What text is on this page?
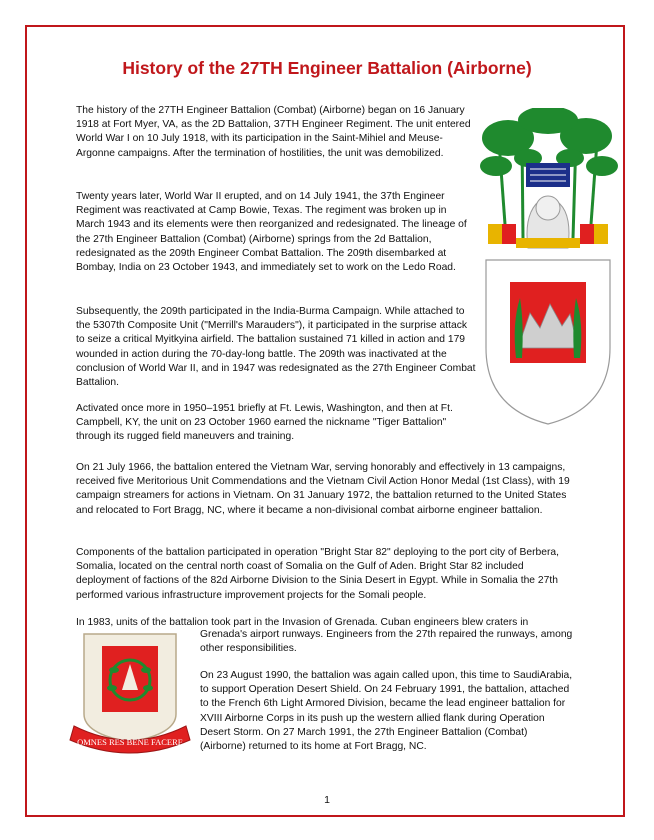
History of the 27TH Engineer Battalion (Airborne)

The history of the 27TH Engineer Battalion (Combat) (Airborne) began on 16 January 1918 at Fort Myer, VA, as the 2D Battalion, 37TH Engineer Regiment. The unit entered World War I on 10 July 1918, with its participation in the Saint-Mihiel and Meuse-Argonne campaigns. After the termination of hostilities, the unit was demobilized.

Twenty years later, World War II erupted, and on 14 July 1941, the 37th Engineer Regiment was reactivated at Camp Bowie, Texas. The regiment was broken up in March 1943 and its elements were then reorganized and redesignated. The lineage of the 27th Engineer Battalion (Combat) (Airborne) springs from the 2d Battalion, redesignated as the 209th Engineer Combat Battalion. The 209th disembarked at Bombay, India on 23 October 1943, and immediately set to work on the Ledo Road.

Subsequently, the 209th participated in the India-Burma Campaign. While attached to the 5307th Composite Unit ("Merrill's Marauders"), it participated in the surprise attack to seize a critical Myitkyina airfield. The battalion sustained 71 killed in action and 179 wounded in action during the 70-day-long battle. The 209th was inactivated at the conclusion of World War II, and in 1947 was redesignated as the 27th Engineer Combat Battalion.

Activated once more in 1950–1951 briefly at Ft. Lewis, Washington, and then at Ft. Campbell, KY, the unit on 23 October 1960 earned the nickname "Tiger Battalion" through its rugged field maneuvers and training.

On 21 July 1966, the battalion entered the Vietnam War, serving honorably and effectively in 13 campaigns, received five Meritorious Unit Commendations and the Vietnam Civil Action Honor Medal (1st Class), with 19 campaign streamers for actions in Vietnam. On 31 January 1972, the battalion returned to the United States and relocated to Fort Bragg, NC, where it became a non-divisional combat airborne engineer battalion.

Components of the battalion participated in operation "Bright Star 82" deploying to the port city of Berbera, Somalia, located on the central north coast of Somalia on the Gulf of Aden. Bright Star 82 included deployment of factions of the 82d Airborne Division to the Sinia Desert in Egypt. While in Somalia the 27th performed various infrastructure improvement projects for the Somali people.

In 1983, units of the battalion took part in the Invasion of Grenada. Cuban engineers blew craters in

Grenada's airport runways. Engineers from the 27th repaired the runways, among other responsibilities.

On 23 August 1990, the battalion was again called upon, this time to SaudiArabia, to support Operation Desert Shield. On 24 February 1991, the battalion, attached to the French 6th Light Armored Division, became the lead engineer battalion for XVIII Airborne Corps in its push up the western allied flank during Operation Desert Storm. On 27 March 1991, the 27th Engineer Battalion (Combat) (Airborne) returned to its home at Fort Bragg, NC.

1

OMNES RES BENE FACERE
